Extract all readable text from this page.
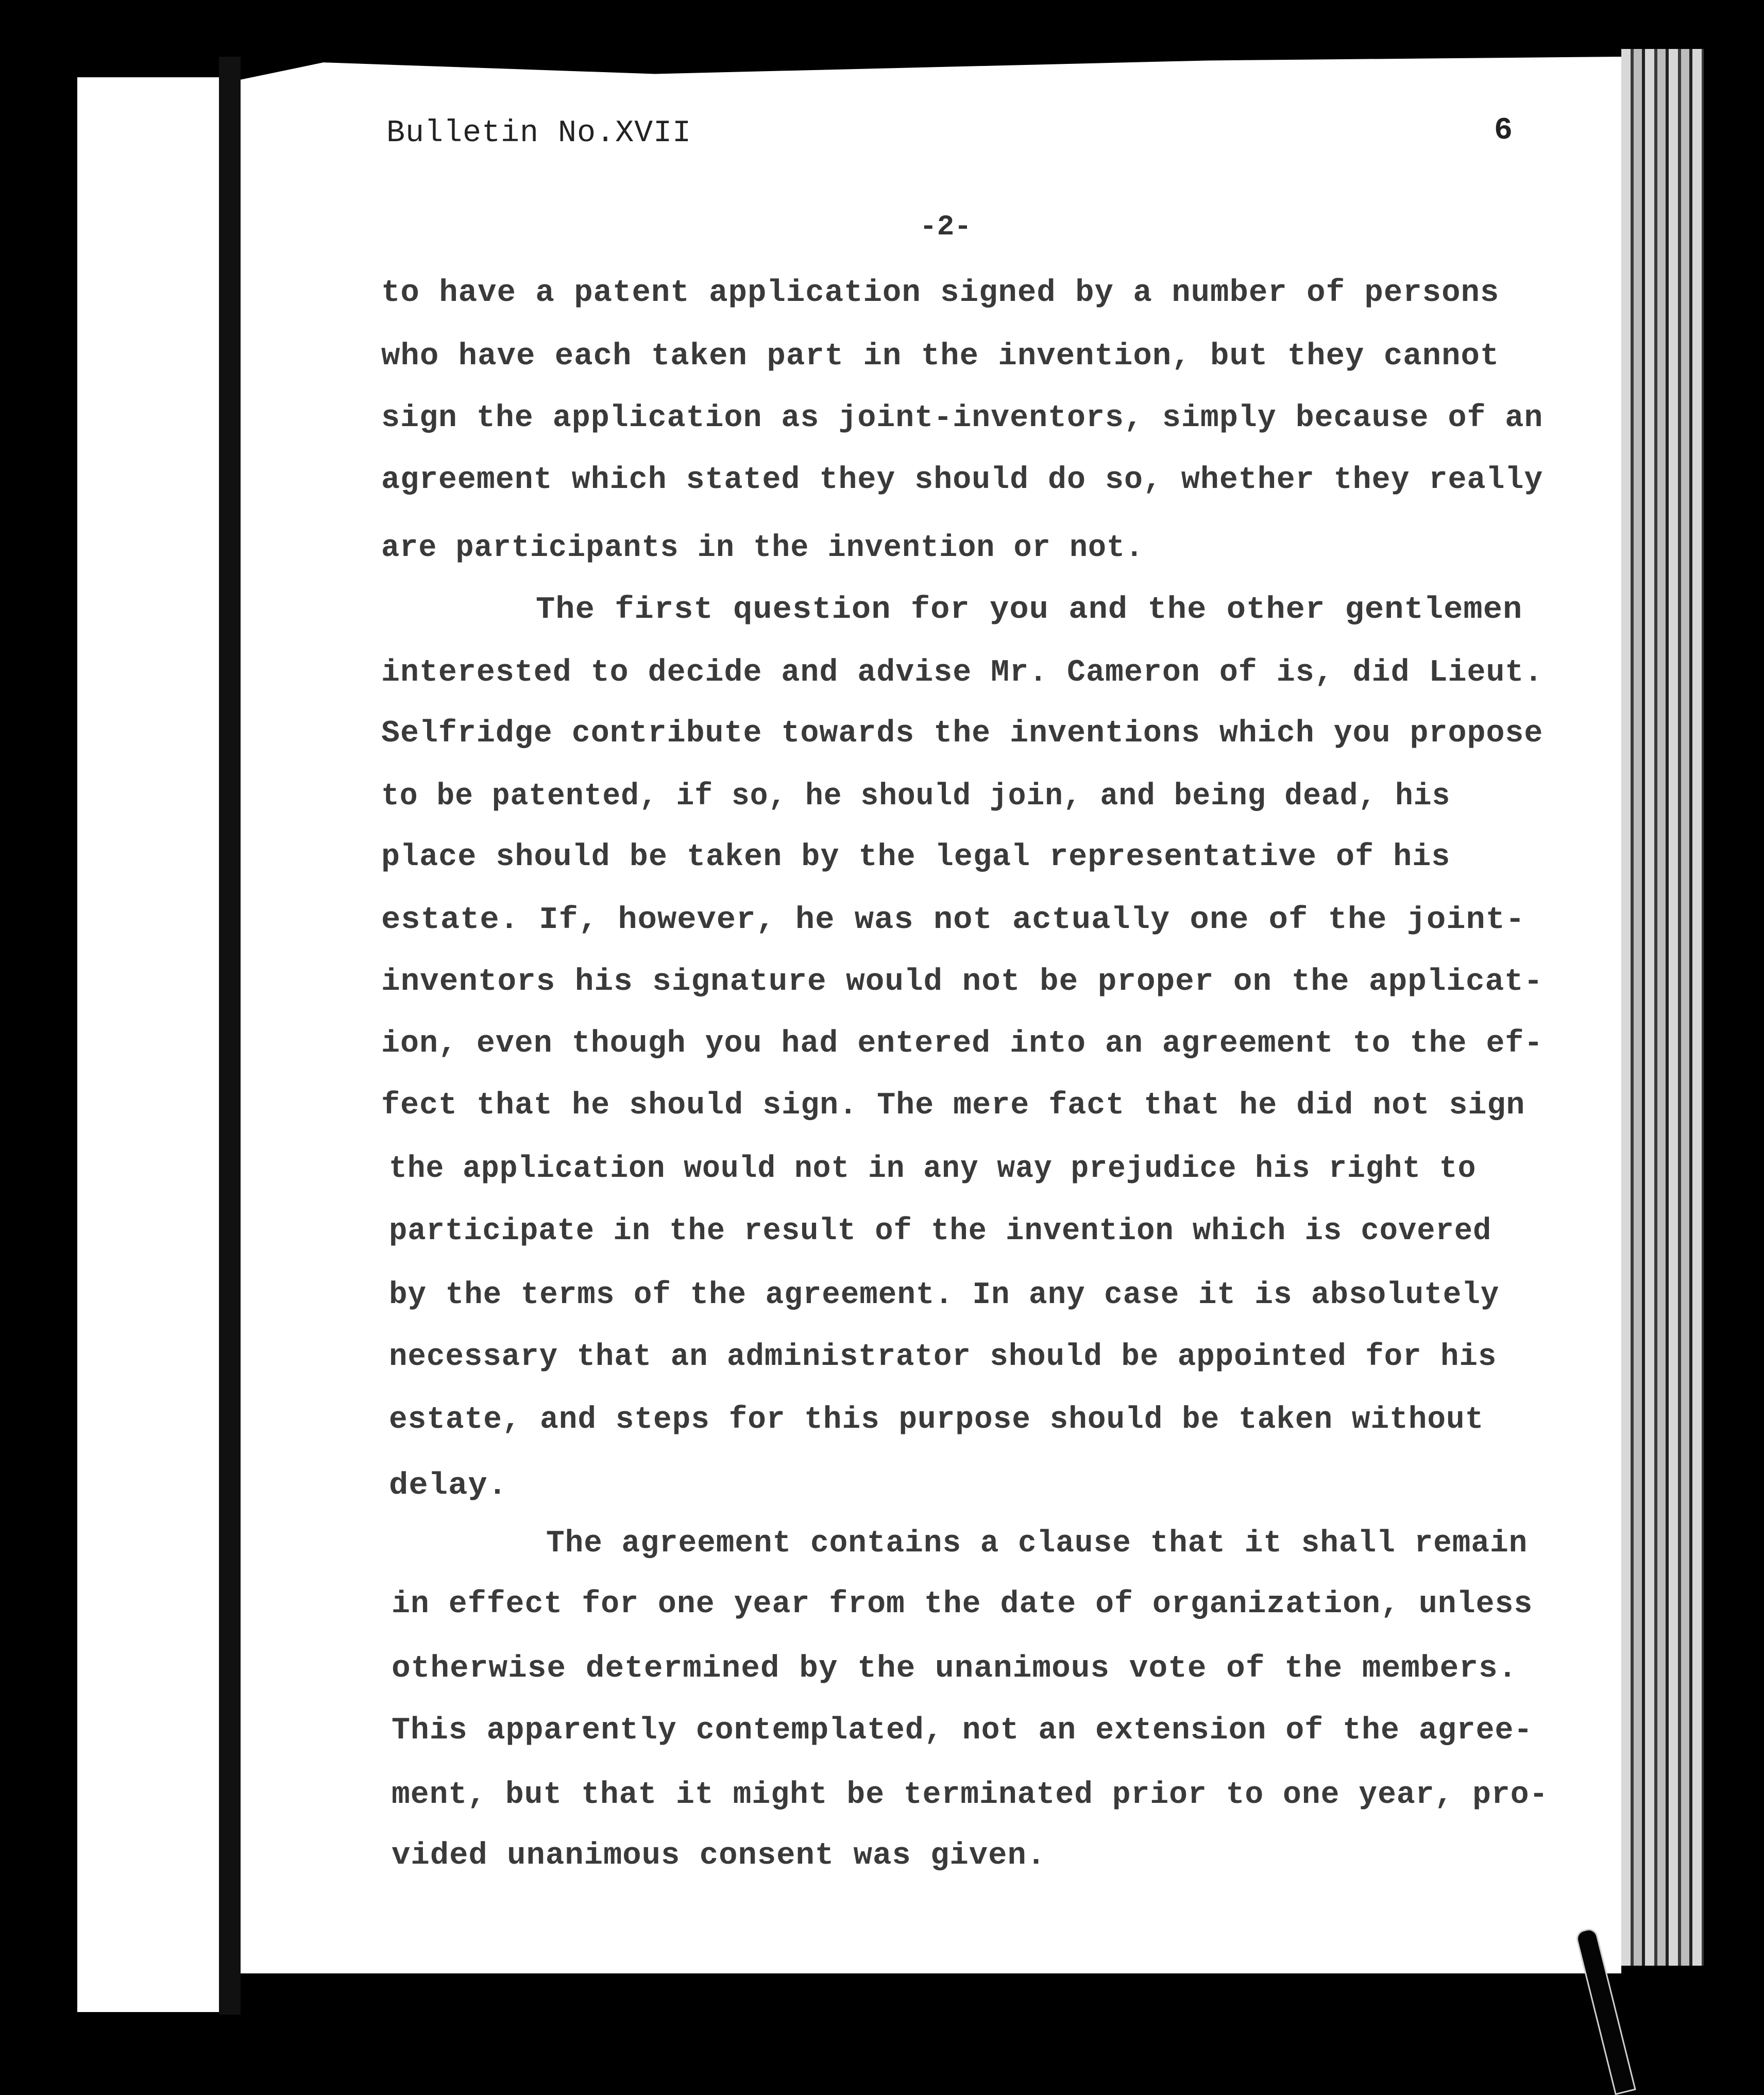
Bulletin No.XVII	6
-2-
to have a patent application signed by a number of persons
who have each taken part in the invention, but they cannot
sign the application as joint-inventors, simply because of an
agreement which stated they should do so, whether they really
are participants in the invention or not.
The first question for you and the other gentlemen
interested to decide and advise Mr. Cameron of is, did Lieut.
Selfridge contribute towards the inventions which you propose
to be patented, if so, he should join, and being dead, his
place should be taken by the legal representative of his
estate. If, however, he was not actually one of the joint-
inventors his signature would not be proper on the applicat-
ion, even though you had entered into an agreement to the ef-
fect that he should sign. The mere fact that he did not sign
the application would not in any way prejudice his right to
participate in the result of the invention which is covered
by the terms of the agreement. In any case it is absolutely
necessary that an administrator should be appointed for his
estate, and steps for this purpose should be taken without
delay.
The agreement contains a clause that it shall remain
in effect for one year from the date of organization, unless
otherwise determined by the unanimous vote of the members.
This apparently contemplated, not an extension of the agree-
ment, but that it might be terminated prior to one year, pro-
vided unanimous consent was given.
